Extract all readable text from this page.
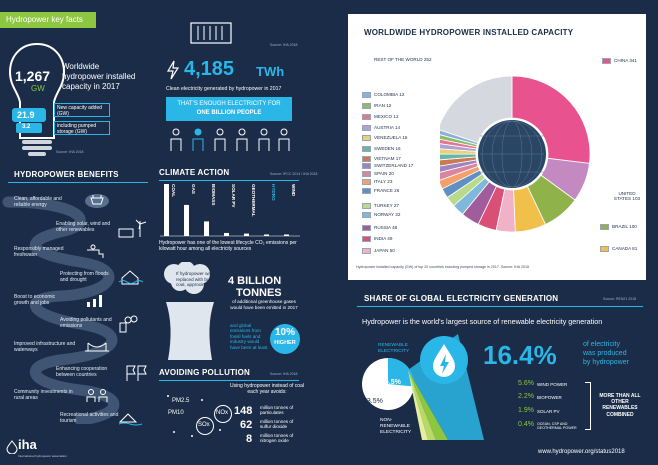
Hydropower key facts
1,267
GW
Worldwide hydropower installed capacity in 2017
21.9
New capacity added (GW)
3.2	including pumped storage (GW)
Source: IHA 2018
Source: IHA 2018
4,185 TWh
Clean electricity generated by hydropower in 2017
THAT'S ENOUGH ELECTRICITY FOR
ONE BILLION PEOPLE
HYDROPOWER BENEFITS
Clean, affordable and reliable energy
Enabling solar, wind and other renewables
Responsibly managed freshwater
Protecting from floods and drought
Boost to economic growth and jobs
Avoiding pollutants and emissions
Improved infrastructure and waterways
Enhancing cooperation between countries
Community investments in rural areas
Recreational activities and tourism
CLIMATE ACTION	Source: IPCC 2014 / IHA 2018
COAL	GAS	BIOMASS	SOLAR PV	GEOTHERMAL	HYDRO	WIND
Hydropower has one of the lowest lifecycle CO₂ emissions per kilowatt hour among all electricity sources
If hydropower was replaced with burning coal, approximately	4 BILLION
TONNES
of additional greenhouse gases would have been emitted in 2017
and global emissions from fossil fuels and industry would have been at least
10%
HIGHER
AVOIDING POLLUTION	Source: IHA 2018
Using hydropower instead of coal each year avoids:
PM2.5
PM10
SOx
NOx 148 million tonnes of particulates
62 million tonnes of sulfur dioxide
8 million tonnes of nitrogen oxide
iha
International hydropower association
WORLDWIDE HYDROPOWER INSTALLED CAPACITY
COLOMBIA 12
IRAN 12
MEXICO 12
AUSTRIA 14
VENEZUELA 15
SWEDEN 16
VIETNAM 17
SWITZERLAND 17
SPAIN 20
ITALY 23
FRANCE 26
TURKEY 27
NORWAY 32
RUSSIA 48
INDIA 49
JAPAN 50
REST OF THE WORLD 252	CHINA 341
UNITED STATES 103
BRAZIL 100
CANADA 81
Hydropower installed capacity (GW) of top 20 countries including pumped storage in 2017. Source: IHA 2018
SHARE OF GLOBAL ELECTRICITY GENERATION	Source: REN21 2018
Hydropower is the world's largest source of renewable electricity generation
RENEWABLE ELECTRICITY
26.5%
73.5%
NON-RENEWABLE ELECTRICITY
16.4%	of electricity
was produced
by hydropower
5.6% WIND POWER
2.2% BIOPOWER
1.9% SOLAR PV
0.4% OCEAN, CSP AND GEOTHERMAL POWER
MORE THAN ALL OTHER RENEWABLES COMBINED
www.hydropower.org/status2018
